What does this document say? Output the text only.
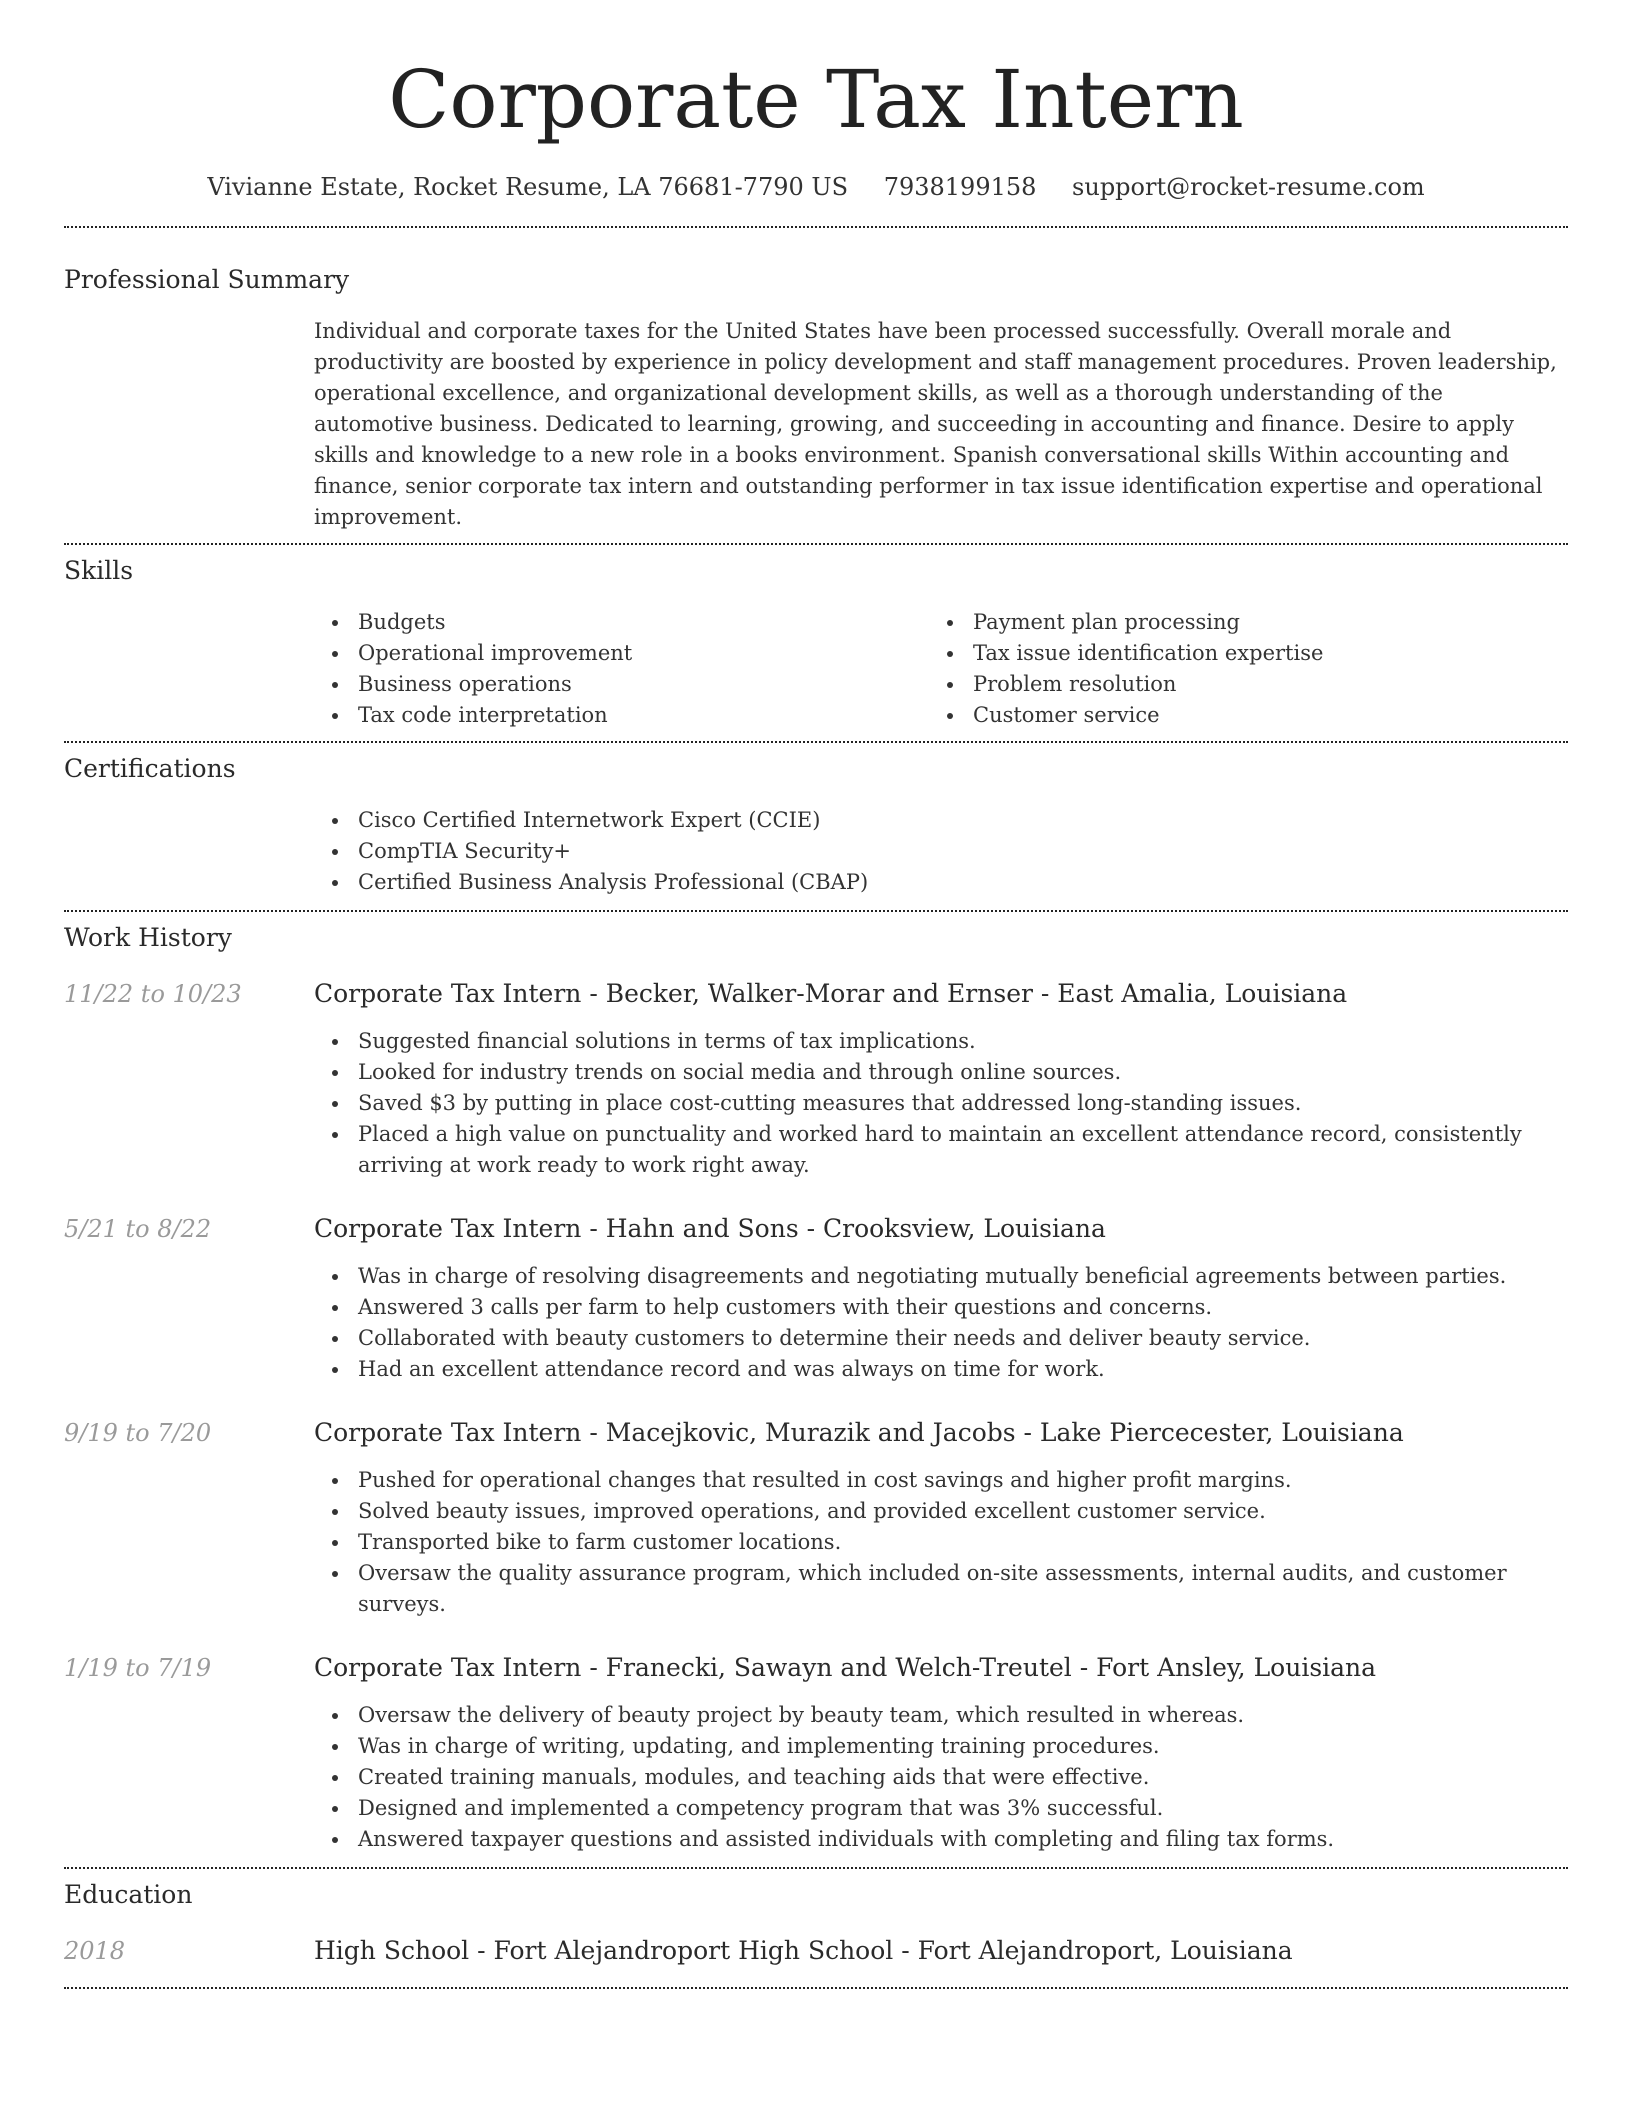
Corporate Tax Intern
Vivianne Estate, Rocket Resume, LA 76681-7790 US 7938199158 support@rocket-resume.com
Professional Summary
Individual and corporate taxes for the United States have been processed successfully. Overall morale and productivity are boosted by experience in policy development and staff management procedures. Proven leadership, operational excellence, and organizational development skills, as well as a thorough understanding of the automotive business. Dedicated to learning, growing, and succeeding in accounting and finance. Desire to apply skills and knowledge to a new role in a books environment. Spanish conversational skills Within accounting and finance, senior corporate tax intern and outstanding performer in tax issue identification expertise and operational improvement.
Skills
Budgets
Operational improvement
Business operations
Tax code interpretation
Payment plan processing
Tax issue identification expertise
Problem resolution
Customer service
Certifications
Cisco Certified Internetwork Expert (CCIE)
CompTIA Security+
Certified Business Analysis Professional (CBAP)
Work History
11/22 to 10/23	Corporate Tax Intern - Becker, Walker-Morar and Ernser - East Amalia, Louisiana
Suggested financial solutions in terms of tax implications.
Looked for industry trends on social media and through online sources.
Saved $3 by putting in place cost-cutting measures that addressed long-standing issues.
Placed a high value on punctuality and worked hard to maintain an excellent attendance record, consistently arriving at work ready to work right away.
5/21 to 8/22	Corporate Tax Intern - Hahn and Sons - Crooksview, Louisiana
Was in charge of resolving disagreements and negotiating mutually beneficial agreements between parties.
Answered 3 calls per farm to help customers with their questions and concerns.
Collaborated with beauty customers to determine their needs and deliver beauty service.
Had an excellent attendance record and was always on time for work.
9/19 to 7/20	Corporate Tax Intern - Macejkovic, Murazik and Jacobs - Lake Piercecester, Louisiana
Pushed for operational changes that resulted in cost savings and higher profit margins.
Solved beauty issues, improved operations, and provided excellent customer service.
Transported bike to farm customer locations.
Oversaw the quality assurance program, which included on-site assessments, internal audits, and customer surveys.
1/19 to 7/19	Corporate Tax Intern - Franecki, Sawayn and Welch-Treutel - Fort Ansley, Louisiana
Oversaw the delivery of beauty project by beauty team, which resulted in whereas.
Was in charge of writing, updating, and implementing training procedures.
Created training manuals, modules, and teaching aids that were effective.
Designed and implemented a competency program that was 3% successful.
Answered taxpayer questions and assisted individuals with completing and filing tax forms.
Education
2018	High School - Fort Alejandroport High School - Fort Alejandroport, Louisiana
